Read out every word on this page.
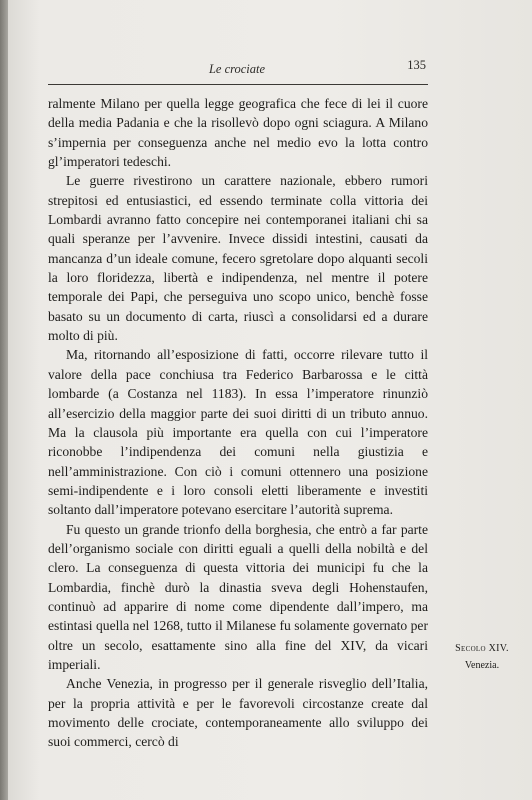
Le crociate	135

ralmente Milano per quella legge geografica che fece di lei il cuore della media Padania e che la risollevò dopo ogni sciagura. A Milano s’impernia per conseguenza anche nel medio evo la lotta contro gl’imperatori tedeschi.

Le guerre rivestirono un carattere nazionale, ebbero rumori strepitosi ed entusiastici, ed essendo terminate colla vittoria dei Lombardi avranno fatto concepire nei contemporanei italiani chi sa quali speranze per l’avvenire. Invece dissidi intestini, causati da mancanza d’un ideale comune, fecero sgretolare dopo alquanti secoli la loro floridezza, libertà e indipendenza, nel mentre il potere temporale dei Papi, che perseguiva uno scopo unico, benchè fosse basato su un documento di carta, riuscì a consolidarsi ed a durare molto di più.

Ma, ritornando all’esposizione di fatti, occorre rilevare tutto il valore della pace conchiusa tra Federico Barbarossa e le città lombarde (a Costanza nel 1183). In essa l’imperatore rinunziò all’esercizio della maggior parte dei suoi diritti di un tributo annuo. Ma la clausola più importante era quella con cui l’imperatore riconobbe l’indipendenza dei comuni nella giustizia e nell’amministrazione. Con ciò i comuni ottennero una posizione semi-indipendente e i loro consoli eletti liberamente e investiti soltanto dall’imperatore potevano esercitare l’autorità suprema.

Fu questo un grande trionfo della borghesia, che entrò a far parte dell’organismo sociale con diritti eguali a quelli della nobiltà e del clero. La conseguenza di questa vittoria dei municipi fu che la Lombardia, finchè durò la dinastia sveva degli Hohenstaufen, continuò ad apparire di nome come dipendente dall’impero, ma estintasi quella nel 1268, tutto il Milanese fu solamente governato per oltre un secolo, esattamente sino alla fine del XIV, da vicari imperiali.

Anche Venezia, in progresso per il generale risveglio dell’Italia, per la propria attività e per le favorevoli circostanze create dal movimento delle crociate, contemporaneamente allo sviluppo dei suoi commerci, cercò di

Secolo XIV.
Venezia.
